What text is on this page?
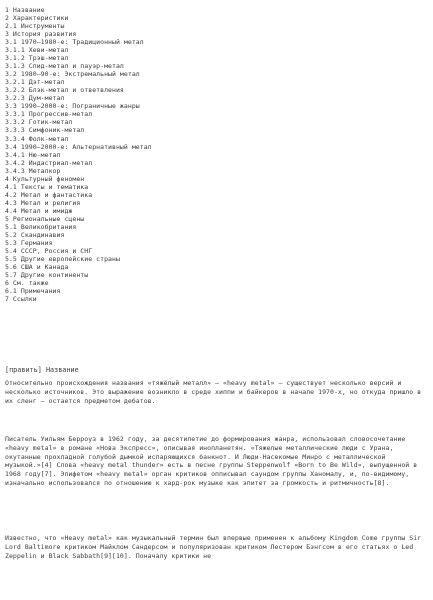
1 Название
2 Характеристики
2.1 Инструменты
3 История развития
3.1 1970–1980-е: Традиционный метал
3.1.1 Хеви-метал
3.1.2 Трэш-метал
3.1.3 Спид-метал и пауэр-метал
3.2 1980–90-е: Экстремальный метал
3.2.1 Дэт-метал
3.2.2 Блэк-метал и ответвления
3.2.3 Дум-метал
3.3 1990–2000-е: Пограничные жанры
3.3.1 Прогрессив-метал
3.3.2 Готик-метал
3.3.3 Симфоник-метал
3.3.4 Фолк-метал
3.4 1990–2000-е: Альтернативный метал
3.4.1 Ню-метал
3.4.2 Индастриал-метал
3.4.3 Металкор
4 Культурный феномен
4.1 Тексты и тематика
4.2 Метал и фантастика
4.3 Метал и религия
4.4 Метал и имидж
5 Региональные сцены
5.1 Великобритания
5.2 Скандинавия
5.3 Германия
5.4 СССР, Россия и СНГ
5.5 Другие европейские страны
5.6 США и Канада
5.7 Другие континенты
6 См. также
6.1 Примечания
7 Ссылки
[править] Название

Относительно происхождения названия «тяжёлый металл» — «heavy metal» — существует несколько версий и несколько источников. Это выражение возникло в среде хиппи и байкеров в начале 1970-х, но откуда пришло в их сленг — остается предметом дебатов.

Писатель Уильям Берроуз в 1962 году, за десятилетие до формирования жанра, использовал словосочетание «heavy metal» в романе «Нова Экспресс», описывая инопланетян. «Тяжелые металлические люди с Урана, окутанные прохладной голубой дымкой испаряющихся банкнот. И Люди-Насекомые Минро с металлической музыкой.»[4] Слова «heavy metal thunder» есть в песне группы Steppenwolf «Born to Be Wild», выпущенной в 1968 году[7]. Эпифетом «heavy metal» орган критиков опписывал саундом группы Ханомалу, и, по-видимому, изначально использовался по отношению к хард-рок музыке как эпитет за громкость и ритмичность[8].

Известно, что «Heavy metal» как музыкальный термин был впервые применен к альбому Kingdom Come группы Sir Lord Baltimore критиком Майклом Сандерсом и популяризован критиком Лестером Бэнгсом в его статьях о Led Zeppelin и Black Sabbath[9][10]. Поначалу критики не
